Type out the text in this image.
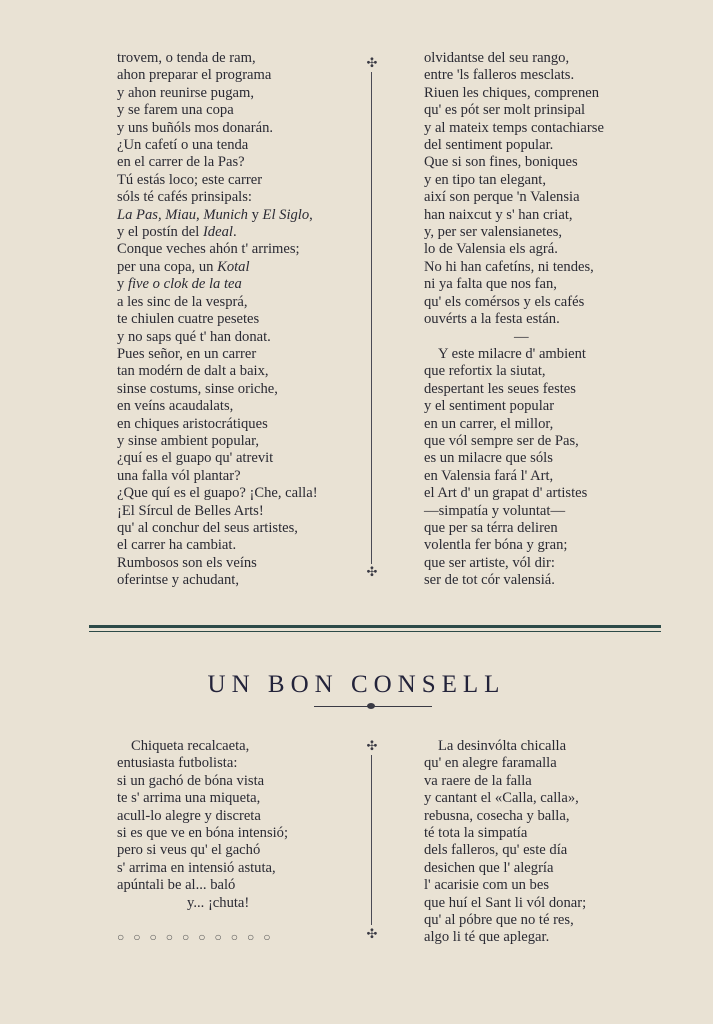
trovem, o tenda de ram,
ahon preparar el programa
y ahon reunirse pugam,
y se farem una copa
y uns buñóls mos donarán.
¿Un cafetí o una tenda
en el carrer de la Pas?
Tú estás loco; este carrer
sóls té cafés prinsipals:
La Pas, Miau, Munich y El Siglo,
y el postín del Ideal.
Conque veches ahón t' arrimes;
per una copa, un Kotal
y five o clok de la tea
a les sinc de la vesprá,
te chiulen cuatre pesetes
y no saps qué t' han donat.
Pues señor, en un carrer
tan modérn de dalt a baix,
sinse costums, sinse oriche,
en veíns acaudalats,
en chiques aristocrátiques
y sinse ambient popular,
¿quí es el guapo qu' atrevit
una falla vól plantar?
¿Que quí es el guapo? ¡Che, calla!
¡El Sírcul de Belles Arts!
qu' al conchur del seus artistes,
el carrer ha cambiat.
Rumbosos son els veíns
oferintse y achudant,
olvidantse del seu rango,
entre 'ls falleros mesclats.
Riuen les chiques, comprenen
qu' es pót ser molt prinsipal
y al mateix temps contachiarse
del sentiment popular.
Que si son fines, boniques
y en tipo tan elegant,
així son perque 'n Valensia
han naixcut y s' han criat,
y, per ser valensianetes,
lo de Valensia els agrá.
No hi han cafetíns, ni tendes,
ni ya falta que nos fan,
qu' els comérsos y els cafés
ouvérts a la festa están.
—
Y este milacre d' ambient
que refortix la siutat,
despertant les seues festes
y el sentiment popular
en un carrer, el millor,
que vól sempre ser de Pas,
es un milacre que sóls
en Valensia fará l' Art,
el Art d' un grapat d' artistes
—simpatía y voluntat—
que per sa térra deliren
volentla fer bóna y gran;
que ser artiste, vól dir:
ser de tot cór valensiá.
✣
✣
UN BON CONSELL
Chiqueta recalcaeta,
entusiasta futbolista:
si un gachó de bóna vista
te s' arrima una miqueta,
acull-lo alegre y discreta
si es que ve en bóna intensió;
pero si veus qu' el gachó
s' arrima en intensió astuta,
apúntali be al... baló
y... ¡chuta!
La desinvólta chicalla
qu' en alegre faramalla
va raere de la falla
y cantant el «Calla, calla»,
rebusna, cosecha y balla,
té tota la simpatía
dels falleros, qu' este día
desichen que l' alegría
l' acarisie com un bes
que huí el Sant li vól donar;
qu' al póbre que no té res,
algo li té que aplegar.
✣
✣
○○○○○○○○○○
